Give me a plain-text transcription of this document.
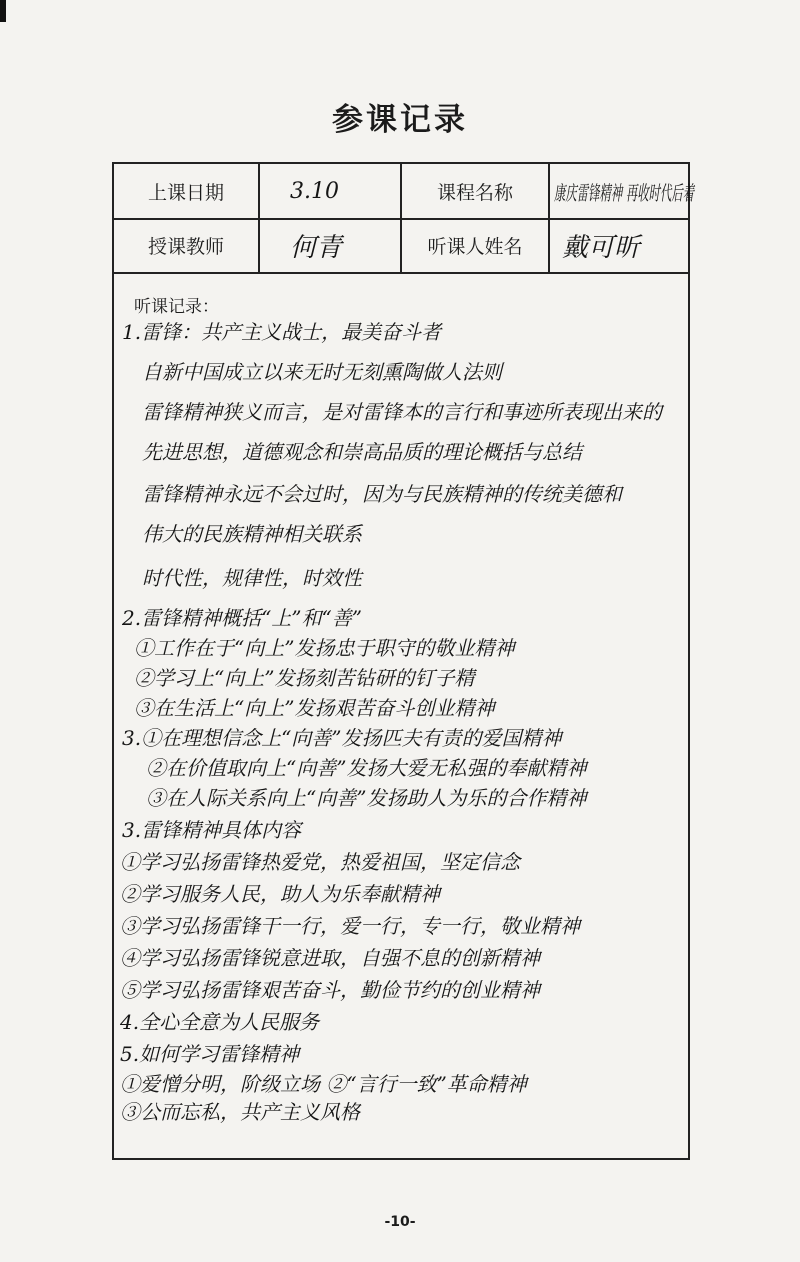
参课记录
上课日期	3.10	课程名称	康庆雷锋精神 再收时代后着
授课教师	何青	听课人姓名	戴可昕
听课记录：
1.雷锋：共产主义战士，最美奋斗者
自新中国成立以来无时无刻熏陶做人法则
雷锋精神狭义而言，是对雷锋本的言行和事迹所表现出来的
先进思想，道德观念和崇高品质的理论概括与总结
雷锋精神永远不会过时，因为与民族精神的传统美德和
伟大的民族精神相关联系
时代性，规律性，时效性
2.雷锋精神概括“上”和“善”
①工作在于“向上”发扬忠于职守的敬业精神
②学习上“向上”发扬刻苦钻研的钉子精
③在生活上“向上”发扬艰苦奋斗创业精神
3.①在理想信念上“向善”发扬匹夫有责的爱国精神
②在价值取向上“向善”发扬大爱无私强的奉献精神
③在人际关系向上“向善”发扬助人为乐的合作精神
3.雷锋精神具体内容
①学习弘扬雷锋热爱党，热爱祖国，坚定信念
②学习服务人民，助人为乐奉献精神
③学习弘扬雷锋干一行，爱一行，专一行，敬业精神
④学习弘扬雷锋锐意进取，自强不息的创新精神
⑤学习弘扬雷锋艰苦奋斗，勤俭节约的创业精神
4.全心全意为人民服务
5.如何学习雷锋精神
①爱憎分明，阶级立场 ②“言行一致”革命精神
③公而忘私，共产主义风格
-10-
